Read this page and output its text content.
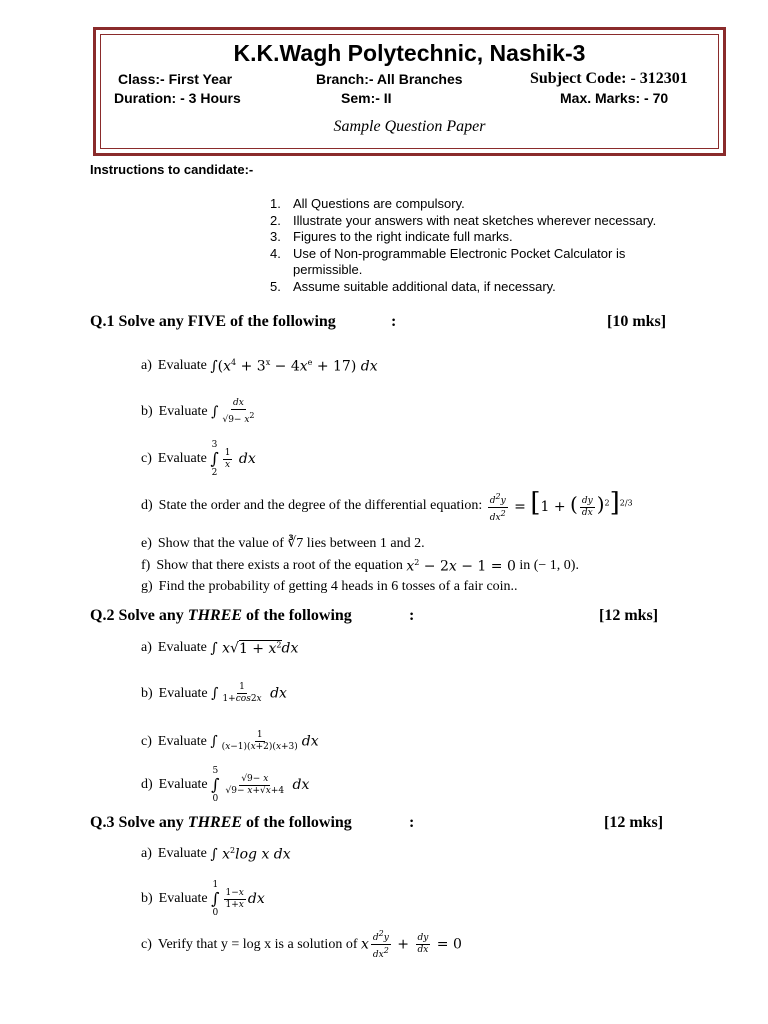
K.K.Wagh Polytechnic, Nashik-3
Class:- First Year	Branch:- All Branches	Subject Code: - 312301
Duration: - 3 Hours	Sem:- II	Max. Marks: - 70
Sample Question Paper
Instructions to candidate:-
1. All Questions are compulsory.
2. Illustrate your answers with neat sketches wherever necessary.
3. Figures to the right indicate full marks.
4. Use of Non-programmable Electronic Pocket Calculator is
permissible.
5. Assume suitable additional data, if necessary.
Q.1 Solve any FIVE of the following	:	[10 mks]
a) Evaluate
$\int(x^4 + 3^x - 4x^e + 17)$ dx
b) Evaluate
∫ $\frac{dx}{√9- x^2}$
c) Evaluate

3
∫
2
$\frac{1}{x}$ dx
d) State the order and the degree of the differential equation:
$\frac{d^2y}{dx^2} = [1$ + ( $\frac{dy}{dx} )^2]^{2/3}$
e) Show that the value of ∛7 lies between 1 and 2.
f) Show that there exists a root of the equation
$x^2 - 2x - 1 = 0$
in (− 1, 0).
g) Find the probability of getting 4 heads in 6 tosses of a fair coin..
Q.2 Solve any THREE of the following	:	[12 mks]
a) Evaluate
∫ $x√1 + x^2dx$
b) Evaluate
∫ $\frac{1}{1+\cos 2x}$ dx
c) Evaluate
∫ $\frac{1}{(x-1)(x+2)(x+3)}$ dx
d) Evaluate

5
∫
0
$\frac{√9- x}{√9- x+√x+4}$ dx
Q.3 Solve any THREE of the following	:	[12 mks]
a) Evaluate
∫ $x^2\log$ x dx
b) Evaluate

1
∫
0
$\frac{1-x}{1+x}$ dx
c) Verify that y = log x is a solution of
x $\frac{d^2y}{dx^2} + \frac{dy}{dx} = 0$
